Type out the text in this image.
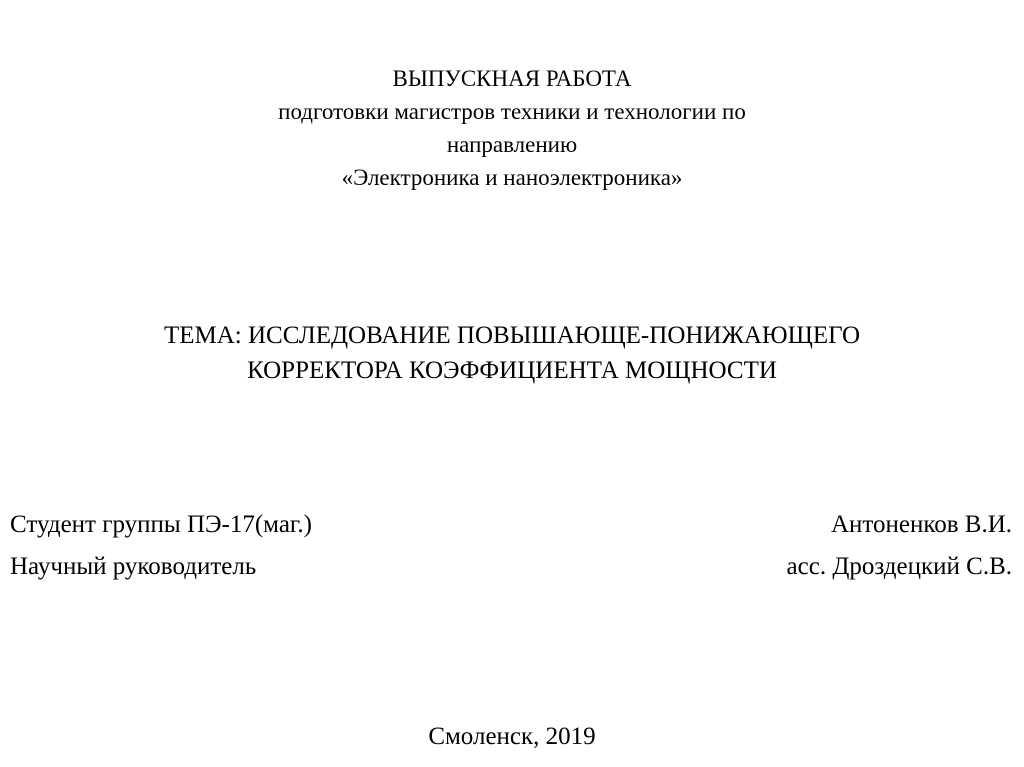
ВЫПУСКНАЯ РАБОТА
подготовки магистров техники и технологии по
направлению
«Электроника и наноэлектроника»
ТЕМА: ИССЛЕДОВАНИЕ ПОВЫШАЮЩЕ-ПОНИЖАЮЩЕГО
КОРРЕКТОРА КОЭФФИЦИЕНТА МОЩНОСТИ
Студент группы ПЭ-17(маг.)	Антоненков В.И.
Научный руководитель	асс. Дроздецкий С.В.
Смоленск, 2019
